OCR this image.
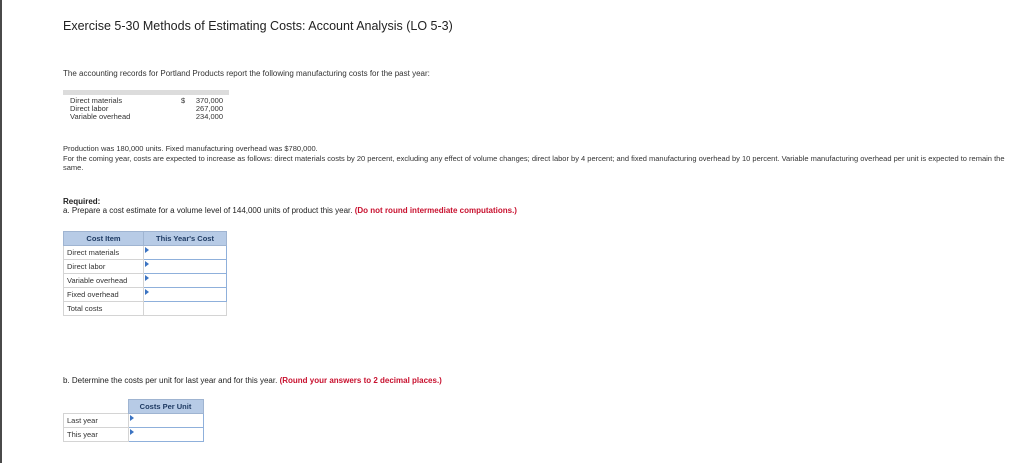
Exercise 5-30 Methods of Estimating Costs: Account Analysis (LO 5-3)
The accounting records for Portland Products report the following manufacturing costs for the past year:
Direct materials	$	370,000
Direct labor	267,000
Variable overhead	234,000
Production was 180,000 units. Fixed manufacturing overhead was $780,000.
For the coming year, costs are expected to increase as follows: direct materials costs by 20 percent, excluding any effect of volume changes; direct labor by 4 percent; and fixed manufacturing overhead by 10 percent. Variable manufacturing overhead per unit is expected to remain the same.
Required:
a. Prepare a cost estimate for a volume level of 144,000 units of product this year. (Do not round intermediate computations.)
Cost Item	This Year's Cost
Direct materials	

Direct labor	

Variable overhead	

Fixed overhead	

Total costs	
b. Determine the costs per unit for last year and for this year. (Round your answers to 2 decimal places.)
	Costs Per Unit
Last year	

This year	
